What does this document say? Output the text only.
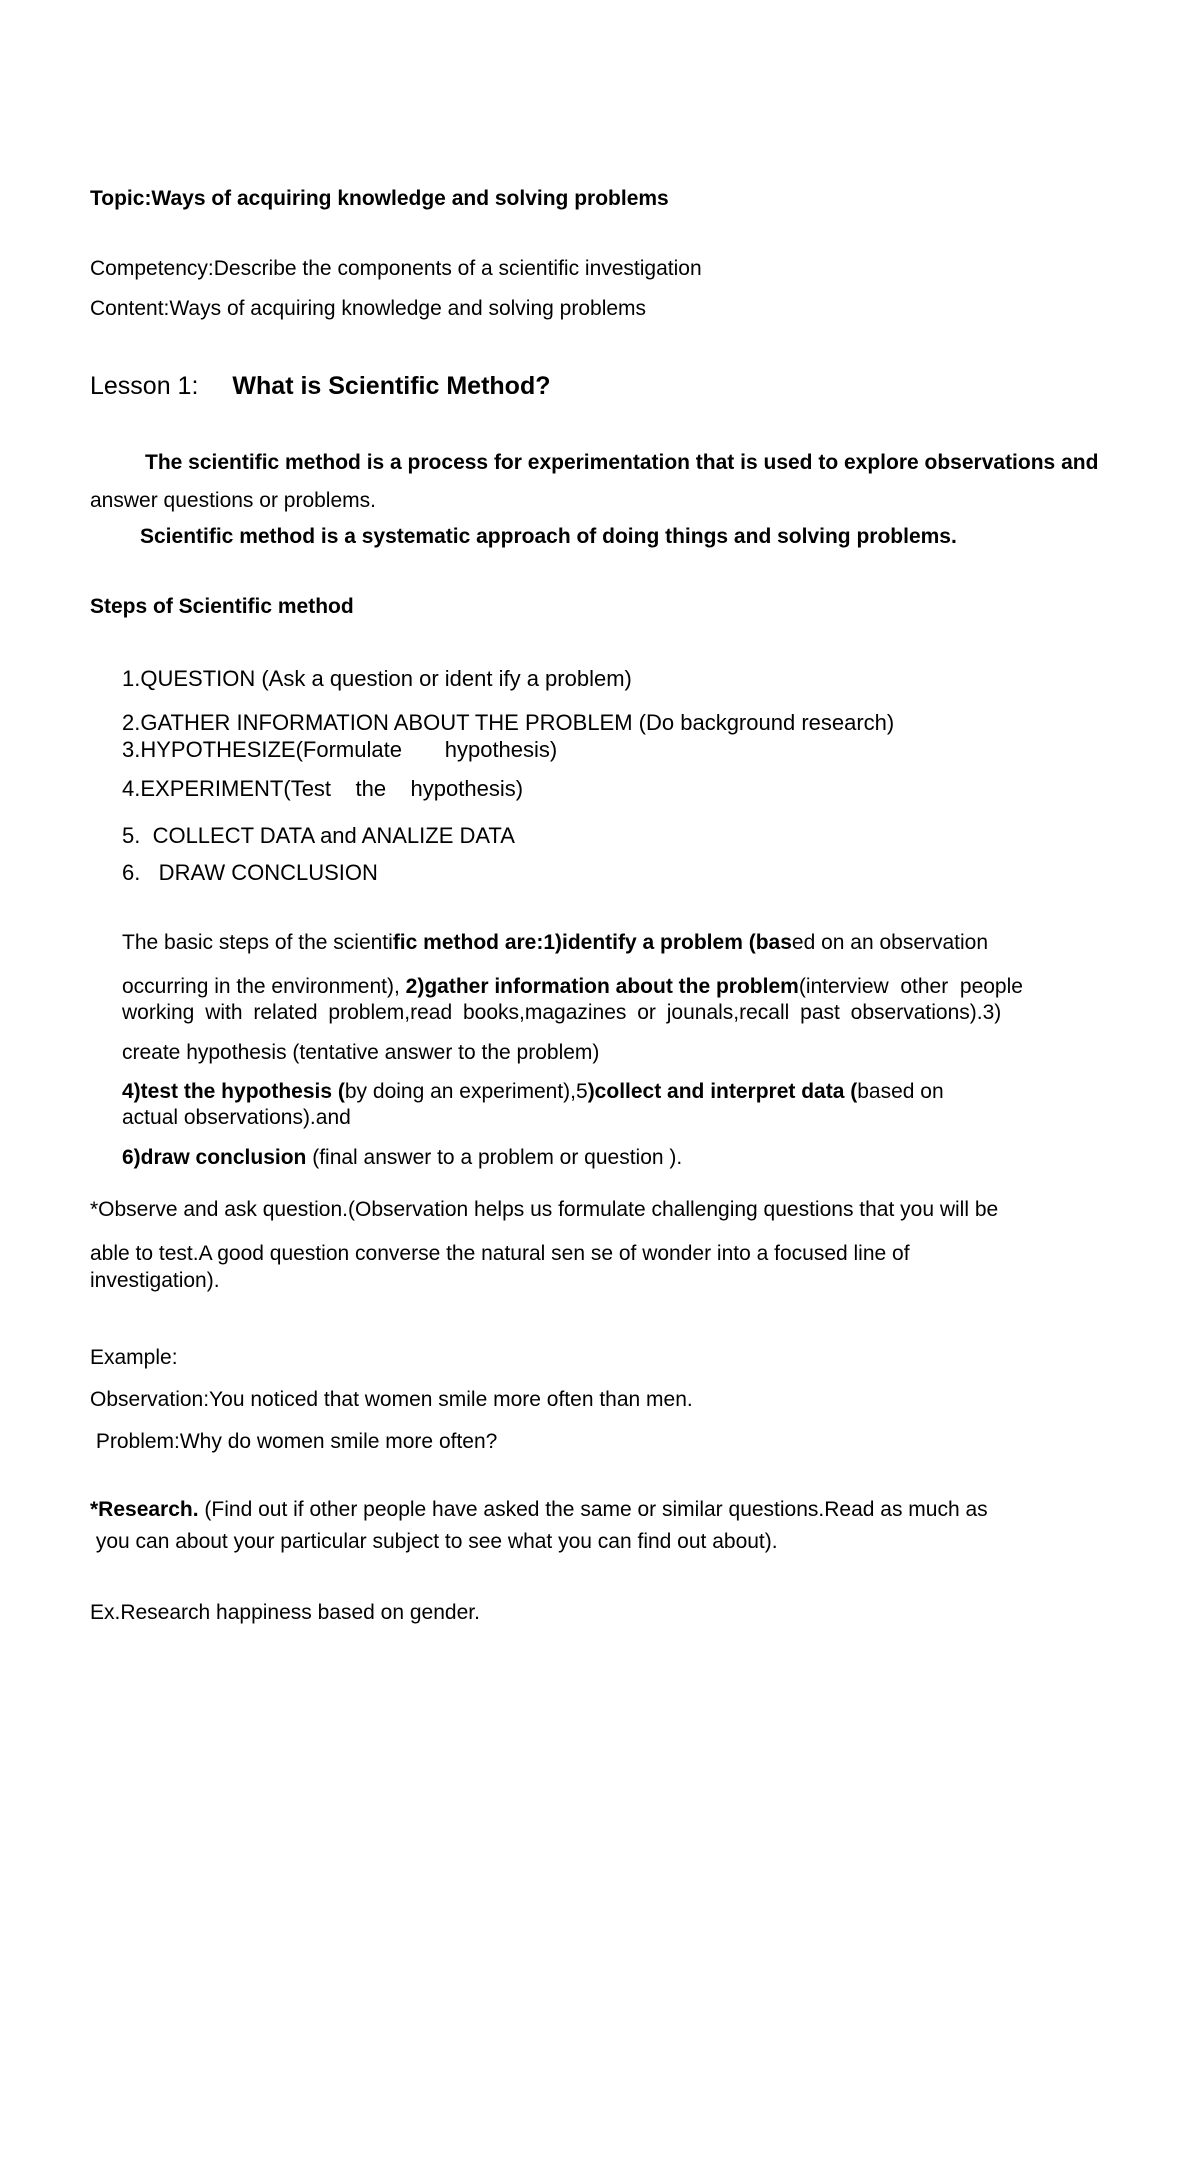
Topic:Ways of acquiring knowledge and solving problems
Competency:Describe the components of a scientific investigation
Content:Ways of acquiring knowledge and solving problems
Lesson 1: What is Scientific Method?
The scientific method is a process for experimentation that is used to explore observations and
answer questions or problems.
Scientific method is a systematic approach of doing things and solving problems.
Steps of Scientific method
1.QUESTION (Ask a question or ident ify a problem)
2.GATHER INFORMATION ABOUT THE PROBLEM (Do background research)
3.HYPOTHESIZE(Formulate       hypothesis)
4.EXPERIMENT(Test    the    hypothesis)
5.  COLLECT DATA and ANALIZE DATA
6.   DRAW CONCLUSION
The basic steps of the scientific method are:1)identify a problem (based on an observation
occurring in the environment), 2)gather information about the problem(interview  other  people
working with related problem,read books,magazines or jounals,recall past observations).3)
create hypothesis (tentative answer to the problem)
4)test the hypothesis (by doing an experiment),5)collect and interpret data (based on
actual observations).and
6)draw conclusion (final answer to a problem or question ).
*Observe and ask question.(Observation helps us formulate challenging questions that you will be
able to test.A good question converse the natural sen se of wonder into a focused line of
investigation).
Example:
Observation:You noticed that women smile more often than men.
Problem:Why do women smile more often?
*Research. (Find out if other people have asked the same or similar questions.Read as much as
you can about your particular subject to see what you can find out about).
Ex.Research happiness based on gender.
